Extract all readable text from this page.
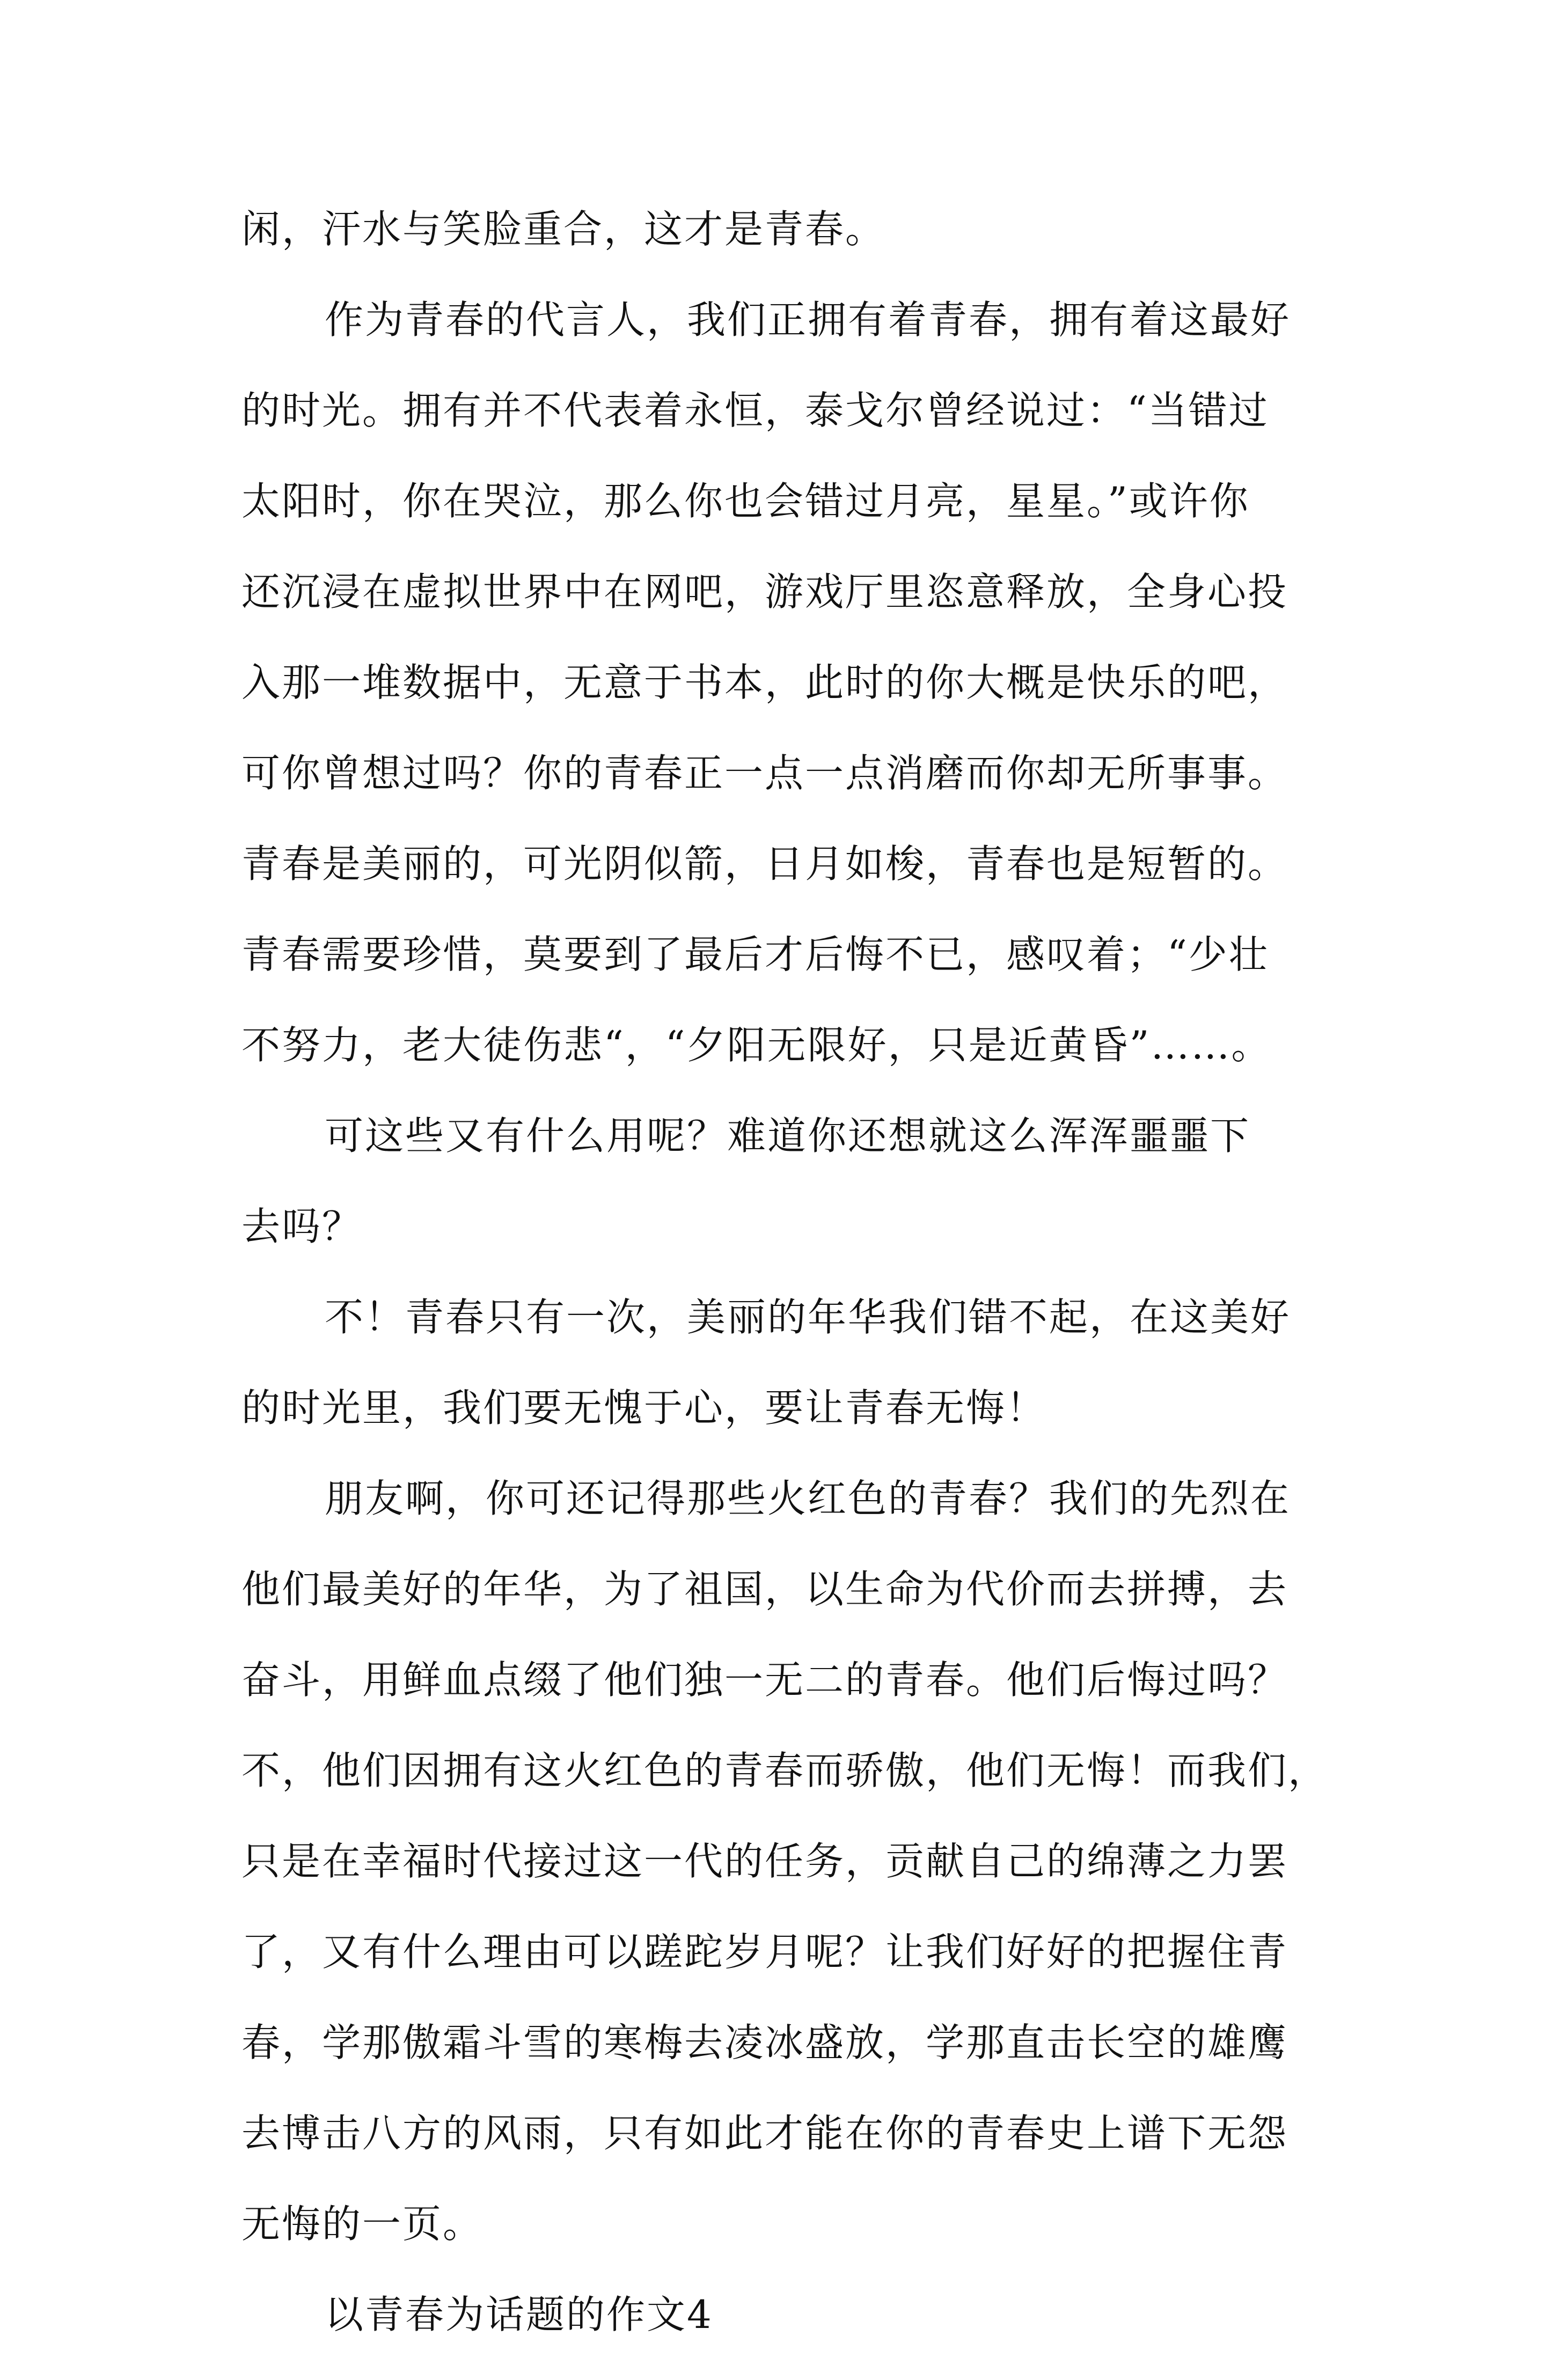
闲，汗水与笑脸重合，这才是青春。
作为青春的代言人，我们正拥有着青春，拥有着这最好
的时光。拥有并不代表着永恒，泰戈尔曾经说过：“当错过
太阳时，你在哭泣，那么你也会错过月亮，星星。”或许你
还沉浸在虚拟世界中在网吧，游戏厅里恣意释放，全身心投
入那一堆数据中，无意于书本，此时的你大概是快乐的吧，
可你曾想过吗？你的青春正一点一点消磨而你却无所事事。
青春是美丽的，可光阴似箭，日月如梭，青春也是短暂的。
青春需要珍惜，莫要到了最后才后悔不已，感叹着；“少壮
不努力，老大徒伤悲“，“夕阳无限好，只是近黄昏”……。
可这些又有什么用呢？难道你还想就这么浑浑噩噩下
去吗？
不！青春只有一次，美丽的年华我们错不起，在这美好
的时光里，我们要无愧于心，要让青春无悔！
朋友啊，你可还记得那些火红色的青春？我们的先烈在
他们最美好的年华，为了祖国，以生命为代价而去拼搏，去
奋斗，用鲜血点缀了他们独一无二的青春。他们后悔过吗？
不，他们因拥有这火红色的青春而骄傲，他们无悔！而我们，
只是在幸福时代接过这一代的任务，贡献自己的绵薄之力罢
了，又有什么理由可以蹉跎岁月呢？让我们好好的把握住青
春，学那傲霜斗雪的寒梅去凌冰盛放，学那直击长空的雄鹰
去博击八方的风雨，只有如此才能在你的青春史上谱下无怨
无悔的一页。
以青春为话题的作文4
